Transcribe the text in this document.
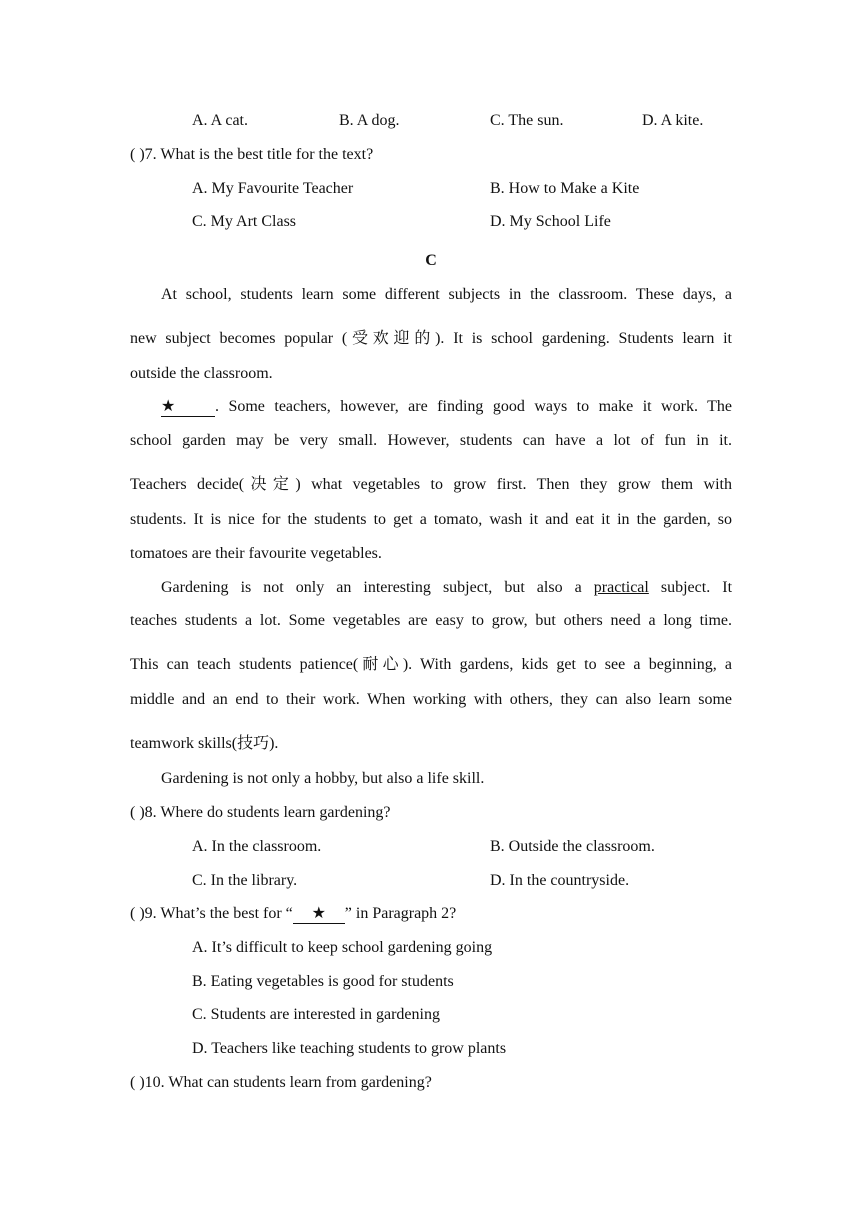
A. A cat.	B. A dog.	C. The sun.	D. A kite.
( )7. What is the best title for the text?
A. My Favourite Teacher	B. How to Make a Kite
C. My Art Class	D. My School Life
C
At school, students learn some different subjects in the classroom. These days, a
new subject becomes popular (受欢迎的). It is school gardening. Students learn it
outside the classroom.
★ . Some teachers, however, are finding good ways to make it work. The
school garden may be very small. However, students can have a lot of fun in it.
Teachers decide(决定) what vegetables to grow first. Then they grow them with
students. It is nice for the students to get a tomato, wash it and eat it in the garden, so
tomatoes are their favourite vegetables.
Gardening is not only an interesting subject, but also a practical subject. It
teaches students a lot. Some vegetables are easy to grow, but others need a long time.
This can teach students patience(耐心). With gardens, kids get to see a beginning, a
middle and an end to their work. When working with others, they can also learn some
teamwork skills(技巧).
Gardening is not only a hobby, but also a life skill.
( )8. Where do students learn gardening?
A. In the classroom.	B. Outside the classroom.
C. In the library.	D. In the countryside.
( )9. What’s the best for “ ★ ” in Paragraph 2?
A. It’s difficult to keep school gardening going
B. Eating vegetables is good for students
C. Students are interested in gardening
D. Teachers like teaching students to grow plants
( )10. What can students learn from gardening?
